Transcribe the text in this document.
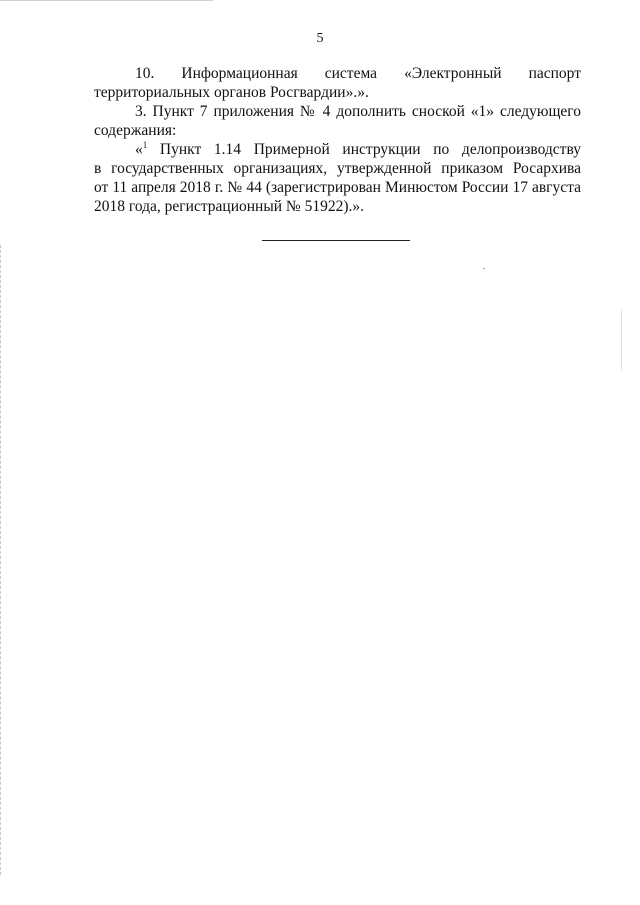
5
10. Информационная система «Электронный паспорт
территориальных органов Росгвардии».».
3. Пункт 7 приложения № 4 дополнить сноской «1» следующего
содержания:
«$^1$ Пункт 1.14 Примерной инструкции по делопроизводству
в государственных организациях, утвержденной приказом Росархива
от 11 апреля 2018 г. № 44 (зарегистрирован Минюстом России 17 августа
2018 года, регистрационный № 51922).».
